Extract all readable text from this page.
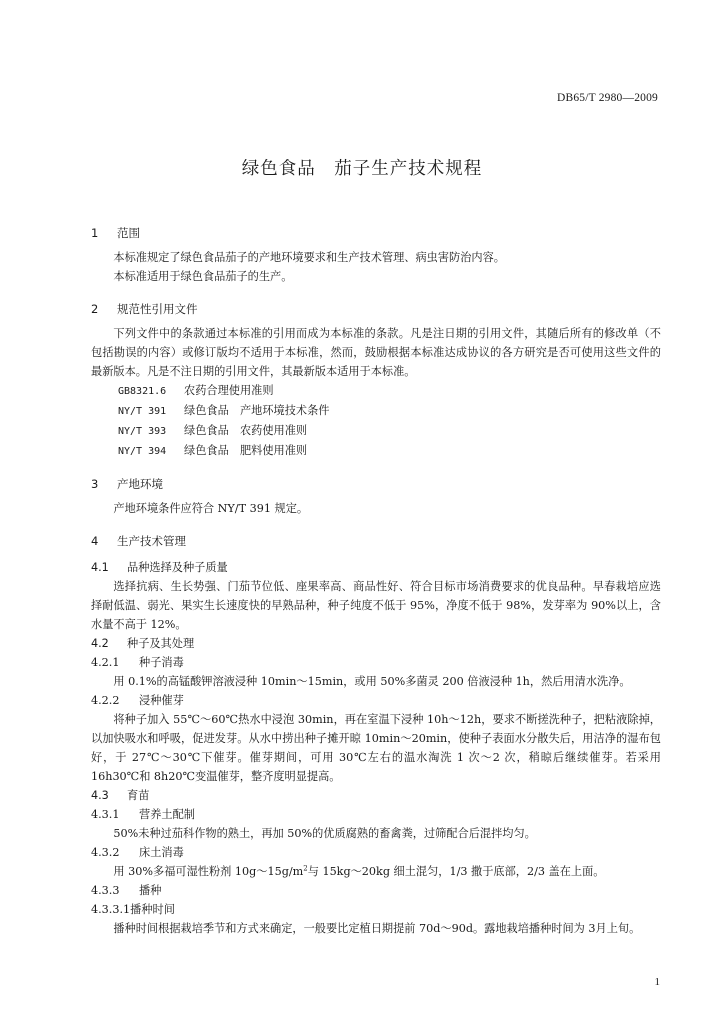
DB65/T 2980—2009
绿色食品　茄子生产技术规程
1 范围

本标准规定了绿色食品茄子的产地环境要求和生产技术管理、病虫害防治内容。

本标准适用于绿色食品茄子的生产。

2 规范性引用文件

下列文件中的条款通过本标准的引用而成为本标准的条款。凡是注日期的引用文件，其随后所有的修改单（不包括勘误的内容）或修订版均不适用于本标准，然而，鼓励根据本标准达成协议的各方研究是否可使用这些文件的最新版本。凡是不注日期的引用文件，其最新版本适用于本标准。

GB8321.6 农药合理使用准则
NY/T 391 绿色食品　产地环境技术条件
NY/T 393 绿色食品　农药使用准则
NY/T 394 绿色食品　肥料使用准则
3 产地环境

产地环境条件应符合 NY/T 391 规定。

4 生产技术管理
4.1 品种选择及种子质量

选择抗病、生长势强、门茄节位低、座果率高、商品性好、符合目标市场消费要求的优良品种。早春栽培应选择耐低温、弱光、果实生长速度快的早熟品种，种子纯度不低于 95%，净度不低于 98%，发芽率为 90%以上，含水量不高于 12%。

4.2 种子及其处理
4.2.1 种子消毒

用 0.1%的高锰酸钾溶液浸种 10min～15min，或用 50%多菌灵 200 倍液浸种 1h，然后用清水洗净。

4.2.2 浸种催芽

将种子加入 55℃～60℃热水中浸泡 30min，再在室温下浸种 10h～12h，要求不断搓洗种子，把粘液除掉，以加快吸水和呼吸，促进发芽。从水中捞出种子摊开晾 10min～20min，使种子表面水分散失后，用洁净的湿布包好，于 27℃～30℃下催芽。催芽期间，可用 30℃左右的温水淘洗 1 次～2 次，稍晾后继续催芽。若采用 16h30℃和 8h20℃变温催芽，整齐度明显提高。

4.3 育苗
4.3.1 营养土配制

50%未种过茄科作物的熟土，再加 50%的优质腐熟的畜禽粪，过筛配合后混拌均匀。

4.3.2 床土消毒

用 30%多福可湿性粉剂 $10g\sim 15g/m^2$与 15kg～20kg 细土混匀，1/3 撒于底部，2/3 盖在上面。

4.3.3 播种
4.3.3.1播种时间

播种时间根据栽培季节和方式来确定，一般要比定植日期提前 70d～90d。露地栽培播种时间为 3月上旬。

1
